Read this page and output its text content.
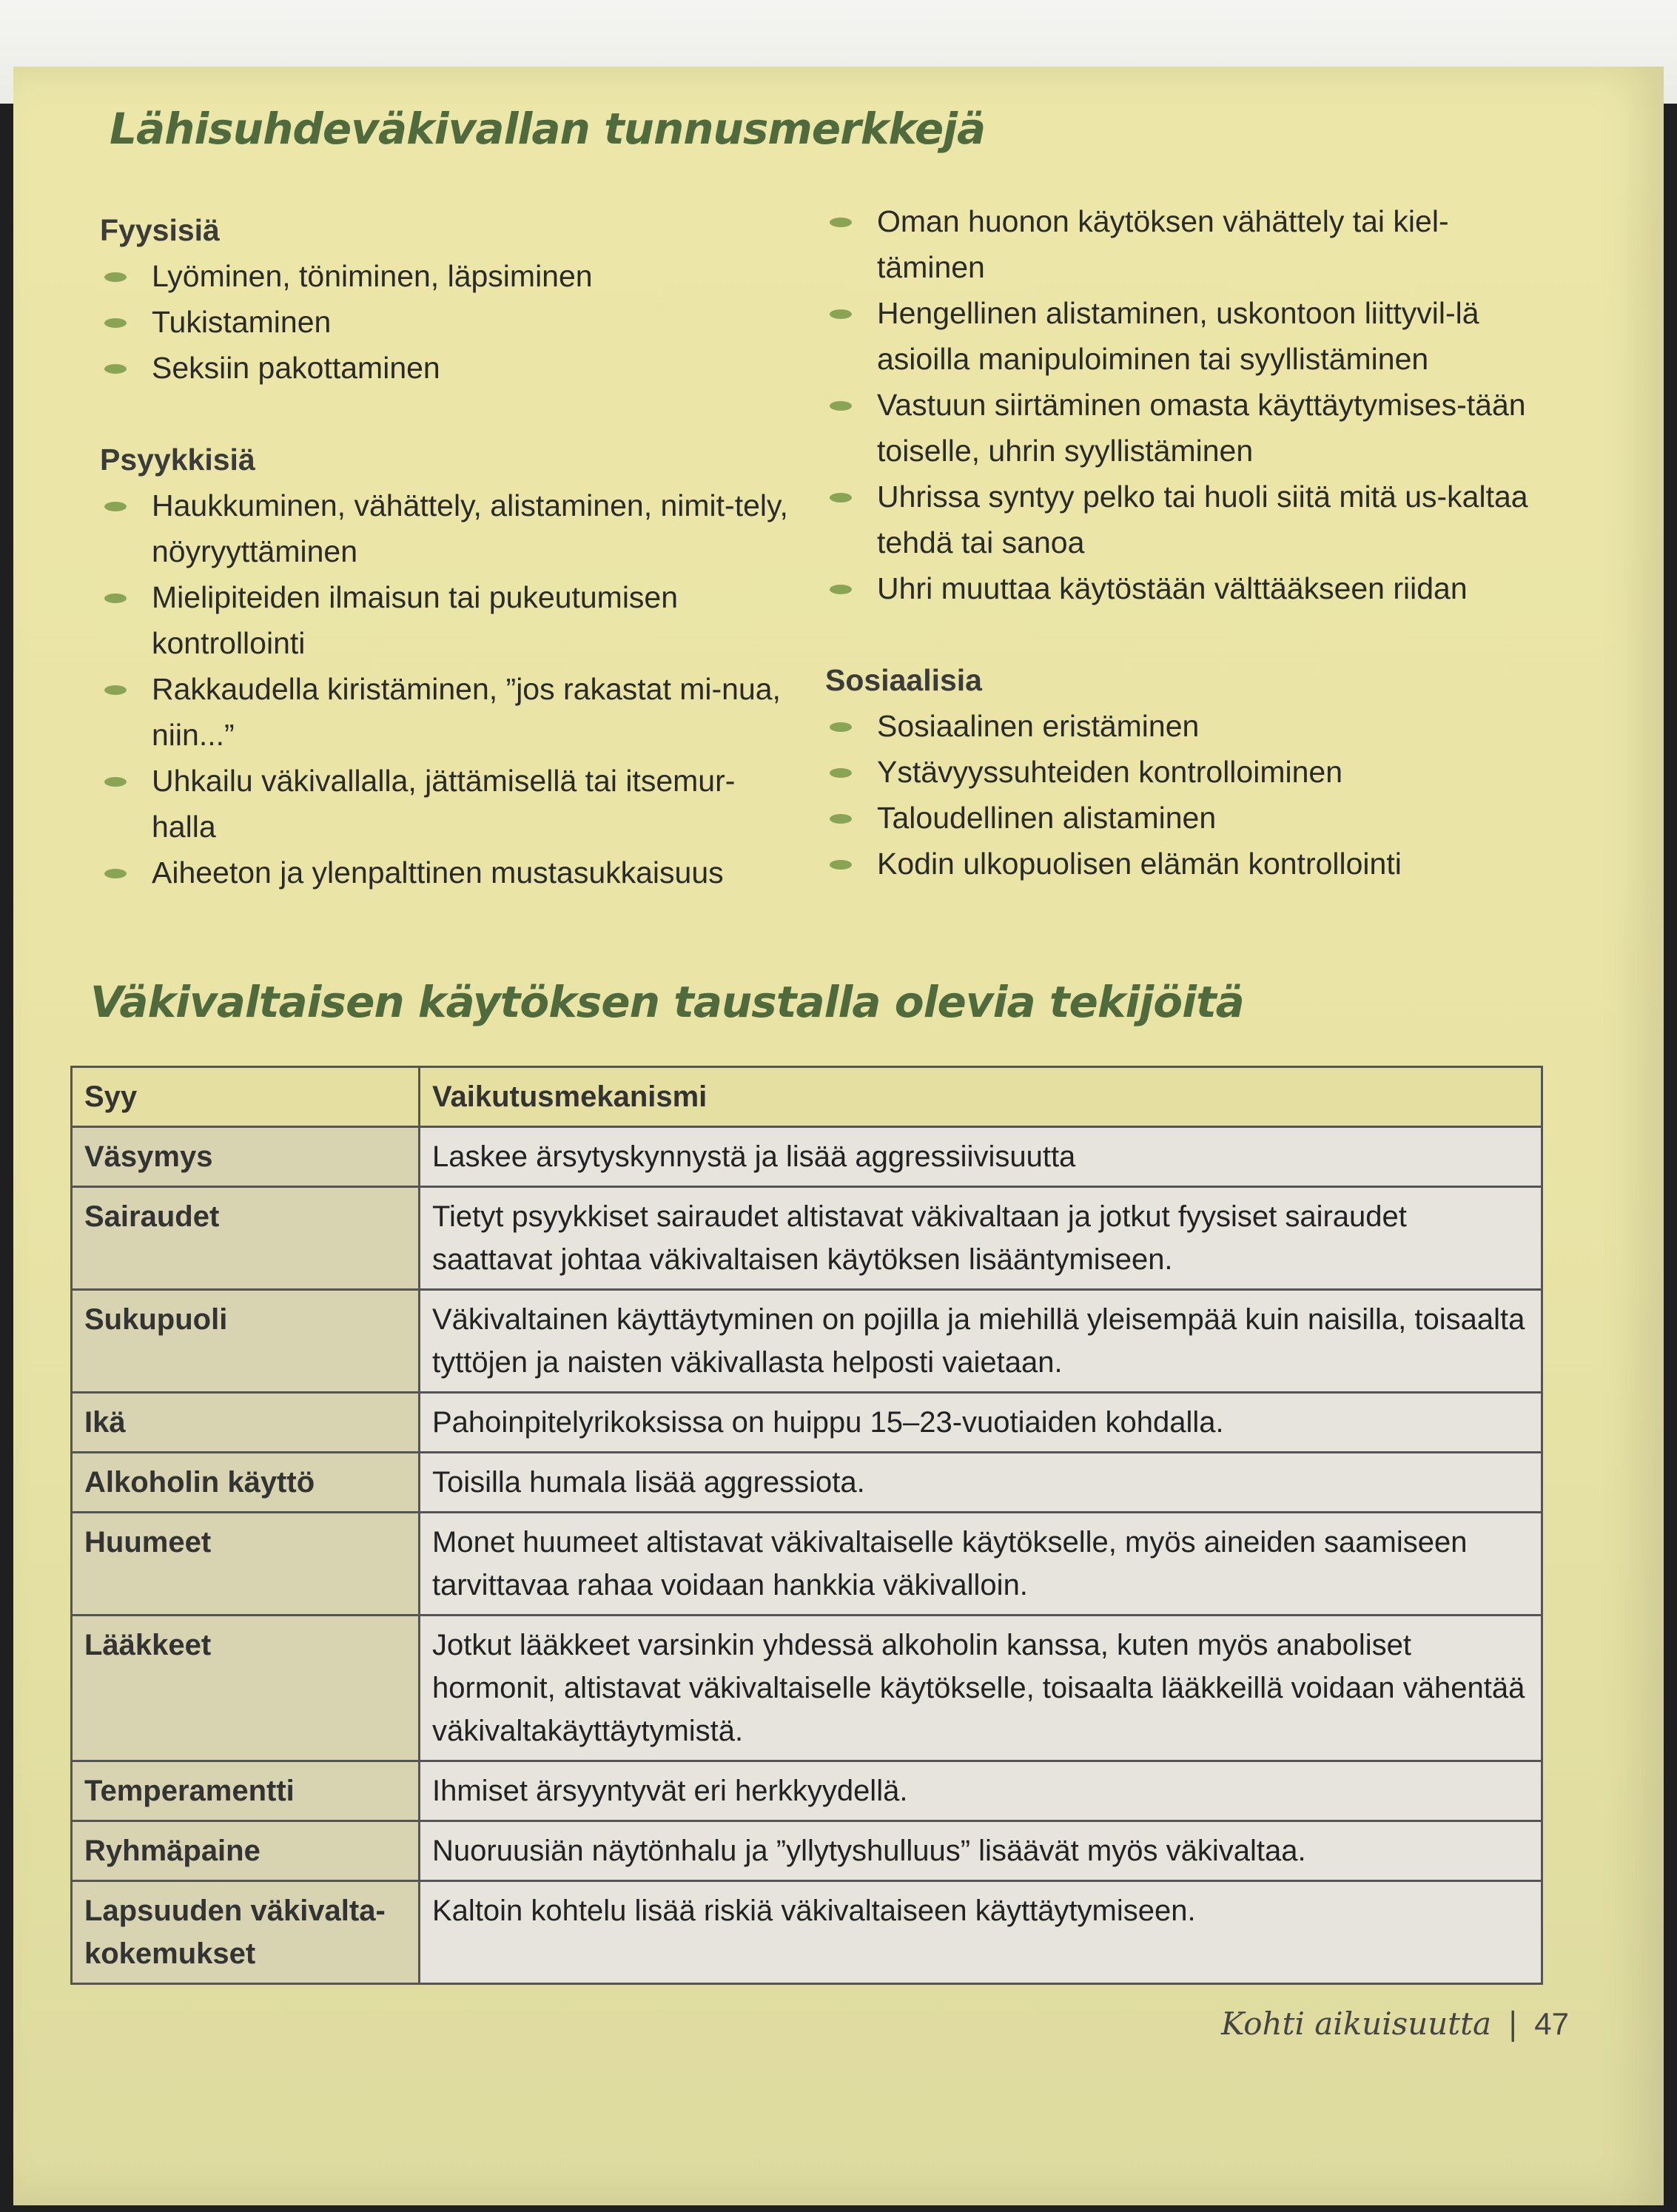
Lähisuhdeväkivallan tunnusmerkkejä
Fyysisiä
Lyöminen, töniminen, läpsiminen
Tukistaminen
Seksiin pakottaminen
Psyykkisiä
Haukkuminen, vähättely, alistaminen, nimit-tely, nöyryyttäminen
Mielipiteiden ilmaisun tai pukeutumisen kontrollointi
Rakkaudella kiristäminen, ”jos rakastat mi-nua, niin...”
Uhkailu väkivallalla, jättämisellä tai itsemur-halla
Aiheeton ja ylenpalttinen mustasukkaisuus
Oman huonon käytöksen vähättely tai kiel-täminen
Hengellinen alistaminen, uskontoon liittyvil-lä asioilla manipuloiminen tai syyllistäminen
Vastuun siirtäminen omasta käyttäytymises-tään toiselle, uhrin syyllistäminen
Uhrissa syntyy pelko tai huoli siitä mitä us-kaltaa tehdä tai sanoa
Uhri muuttaa käytöstään välttääkseen riidan
Sosiaalisia
Sosiaalinen eristäminen
Ystävyyssuhteiden kontrolloiminen
Taloudellinen alistaminen
Kodin ulkopuolisen elämän kontrollointi
Väkivaltaisen käytöksen taustalla olevia tekijöitä
Syy	Vaikutusmekanismi
Väsymys	Laskee ärsytyskynnystä ja lisää aggressiivisuutta
Sairaudet	Tietyt psyykkiset sairaudet altistavat väkivaltaan ja jotkut fyysiset sairaudet saattavat johtaa väkivaltaisen käytöksen lisääntymiseen.
Sukupuoli	Väkivaltainen käyttäytyminen on pojilla ja miehillä yleisempää kuin naisilla, toisaalta tyttöjen ja naisten väkivallasta helposti vaietaan.
Ikä	Pahoinpitelyrikoksissa on huippu 15–23-vuotiaiden kohdalla.
Alkoholin käyttö	Toisilla humala lisää aggressiota.
Huumeet	Monet huumeet altistavat väkivaltaiselle käytökselle, myös aineiden saamiseen tarvittavaa rahaa voidaan hankkia väkivalloin.
Lääkkeet	Jotkut lääkkeet varsinkin yhdessä alkoholin kanssa, kuten myös anaboliset hormonit, altistavat väkivaltaiselle käytökselle, toisaalta lääkkeillä voidaan vähentää väkivaltakäyttäytymistä.
Temperamentti	Ihmiset ärsyyntyvät eri herkkyydellä.
Ryhmäpaine	Nuoruusiän näytönhalu ja ”yllytyshulluus” lisäävät myös väkivaltaa.
Lapsuuden väkivalta-kokemukset	Kaltoin kohtelu lisää riskiä väkivaltaiseen käyttäytymiseen.
Kohti aikuisuutta | 47
